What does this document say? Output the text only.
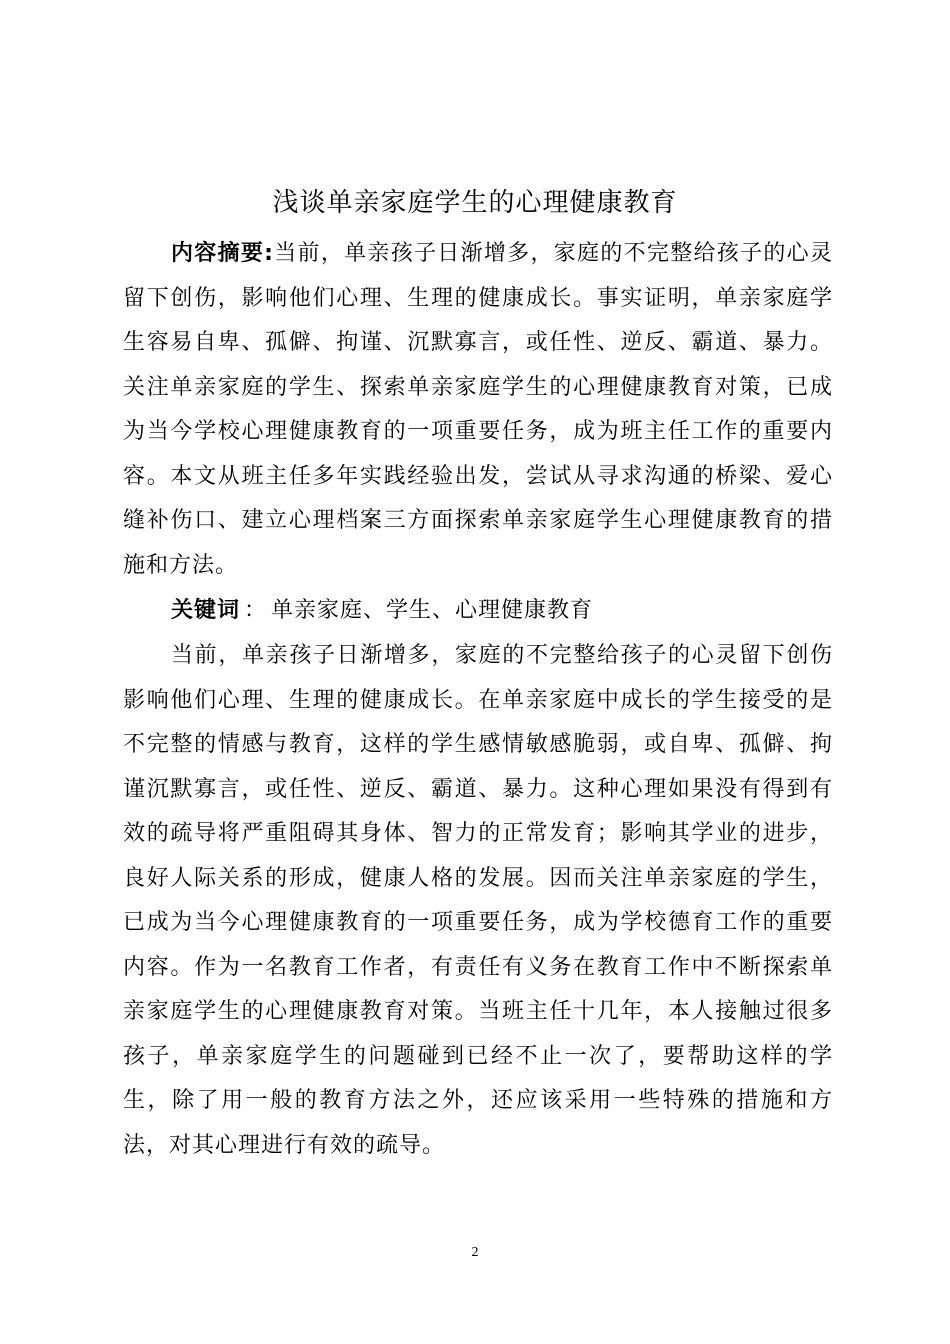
浅谈单亲家庭学生的心理健康教育
内容摘要:当前，单亲孩子日渐增多，家庭的不完整给孩子的心灵留下创伤，影响他们心理、生理的健康成长。事实证明，单亲家庭学生容易自卑、孤僻、拘谨、沉默寡言，或任性、逆反、霸道、暴力。关注单亲家庭的学生、探索单亲家庭学生的心理健康教育对策，已成为当今学校心理健康教育的一项重要任务，成为班主任工作的重要内容。本文从班主任多年实践经验出发，尝试从寻求沟通的桥梁、爱心缝补伤口、建立心理档案三方面探索单亲家庭学生心理健康教育的措施和方法。
关键词 ： 单亲家庭、学生、心理健康教育
当前，单亲孩子日渐增多，家庭的不完整给孩子的心灵留下创伤影响他们心理、生理的健康成长。在单亲家庭中成长的学生接受的是不完整的情感与教育，这样的学生感情敏感脆弱，或自卑、孤僻、拘谨沉默寡言，或任性、逆反、霸道、暴力。这种心理如果没有得到有效的疏导将严重阻碍其身体、智力的正常发育；影响其学业的进步，良好人际关系的形成，健康人格的发展。因而关注单亲家庭的学生，已成为当今心理健康教育的一项重要任务，成为学校德育工作的重要内容。作为一名教育工作者，有责任有义务在教育工作中不断探索单亲家庭学生的心理健康教育对策。当班主任十几年，本人接触过很多孩子，单亲家庭学生的问题碰到已经不止一次了，要帮助这样的学生，除了用一般的教育方法之外，还应该采用一些特殊的措施和方法，对其心理进行有效的疏导。
2
